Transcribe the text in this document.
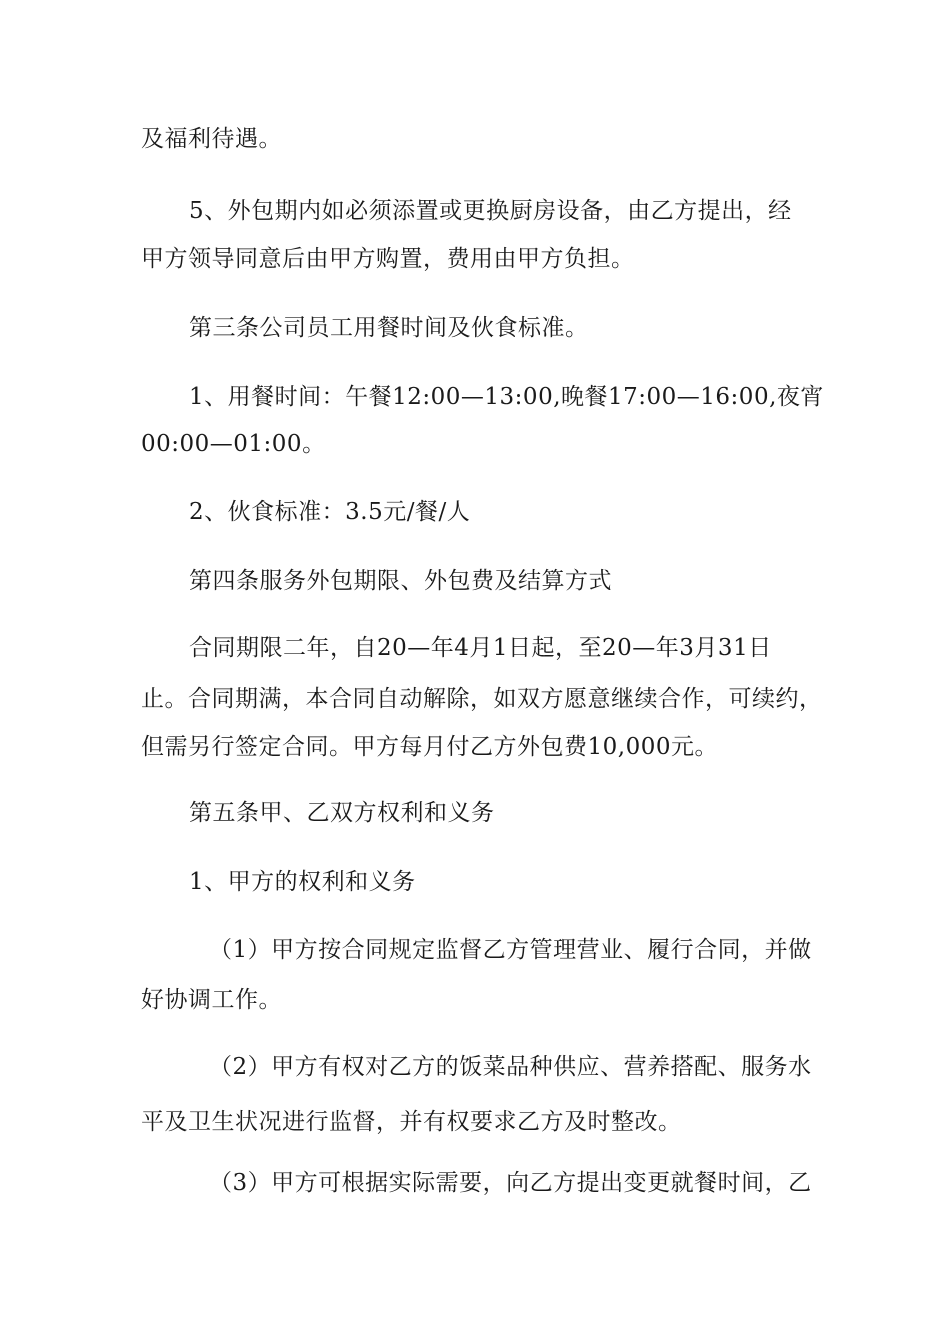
及福利待遇。
5、外包期内如必须添置或更换厨房设备，由乙方提出，经
甲方领导同意后由甲方购置，费用由甲方负担。
第三条公司员工用餐时间及伙食标准。
1、用餐时间：午餐12:00—13:00,晚餐17:00—16:00,夜宵
00:00—01:00。
2、伙食标准：3.5元/餐/人
第四条服务外包期限、外包费及结算方式
合同期限二年，自20—年4月1日起，至20—年3月31日
止。合同期满，本合同自动解除，如双方愿意继续合作，可续约，
但需另行签定合同。甲方每月付乙方外包费10,000元。
第五条甲、乙双方权利和义务
1、甲方的权利和义务
（1）甲方按合同规定监督乙方管理营业、履行合同，并做
好协调工作。
（2）甲方有权对乙方的饭菜品种供应、营养搭配、服务水
平及卫生状况进行监督，并有权要求乙方及时整改。
（3）甲方可根据实际需要，向乙方提出变更就餐时间，乙
